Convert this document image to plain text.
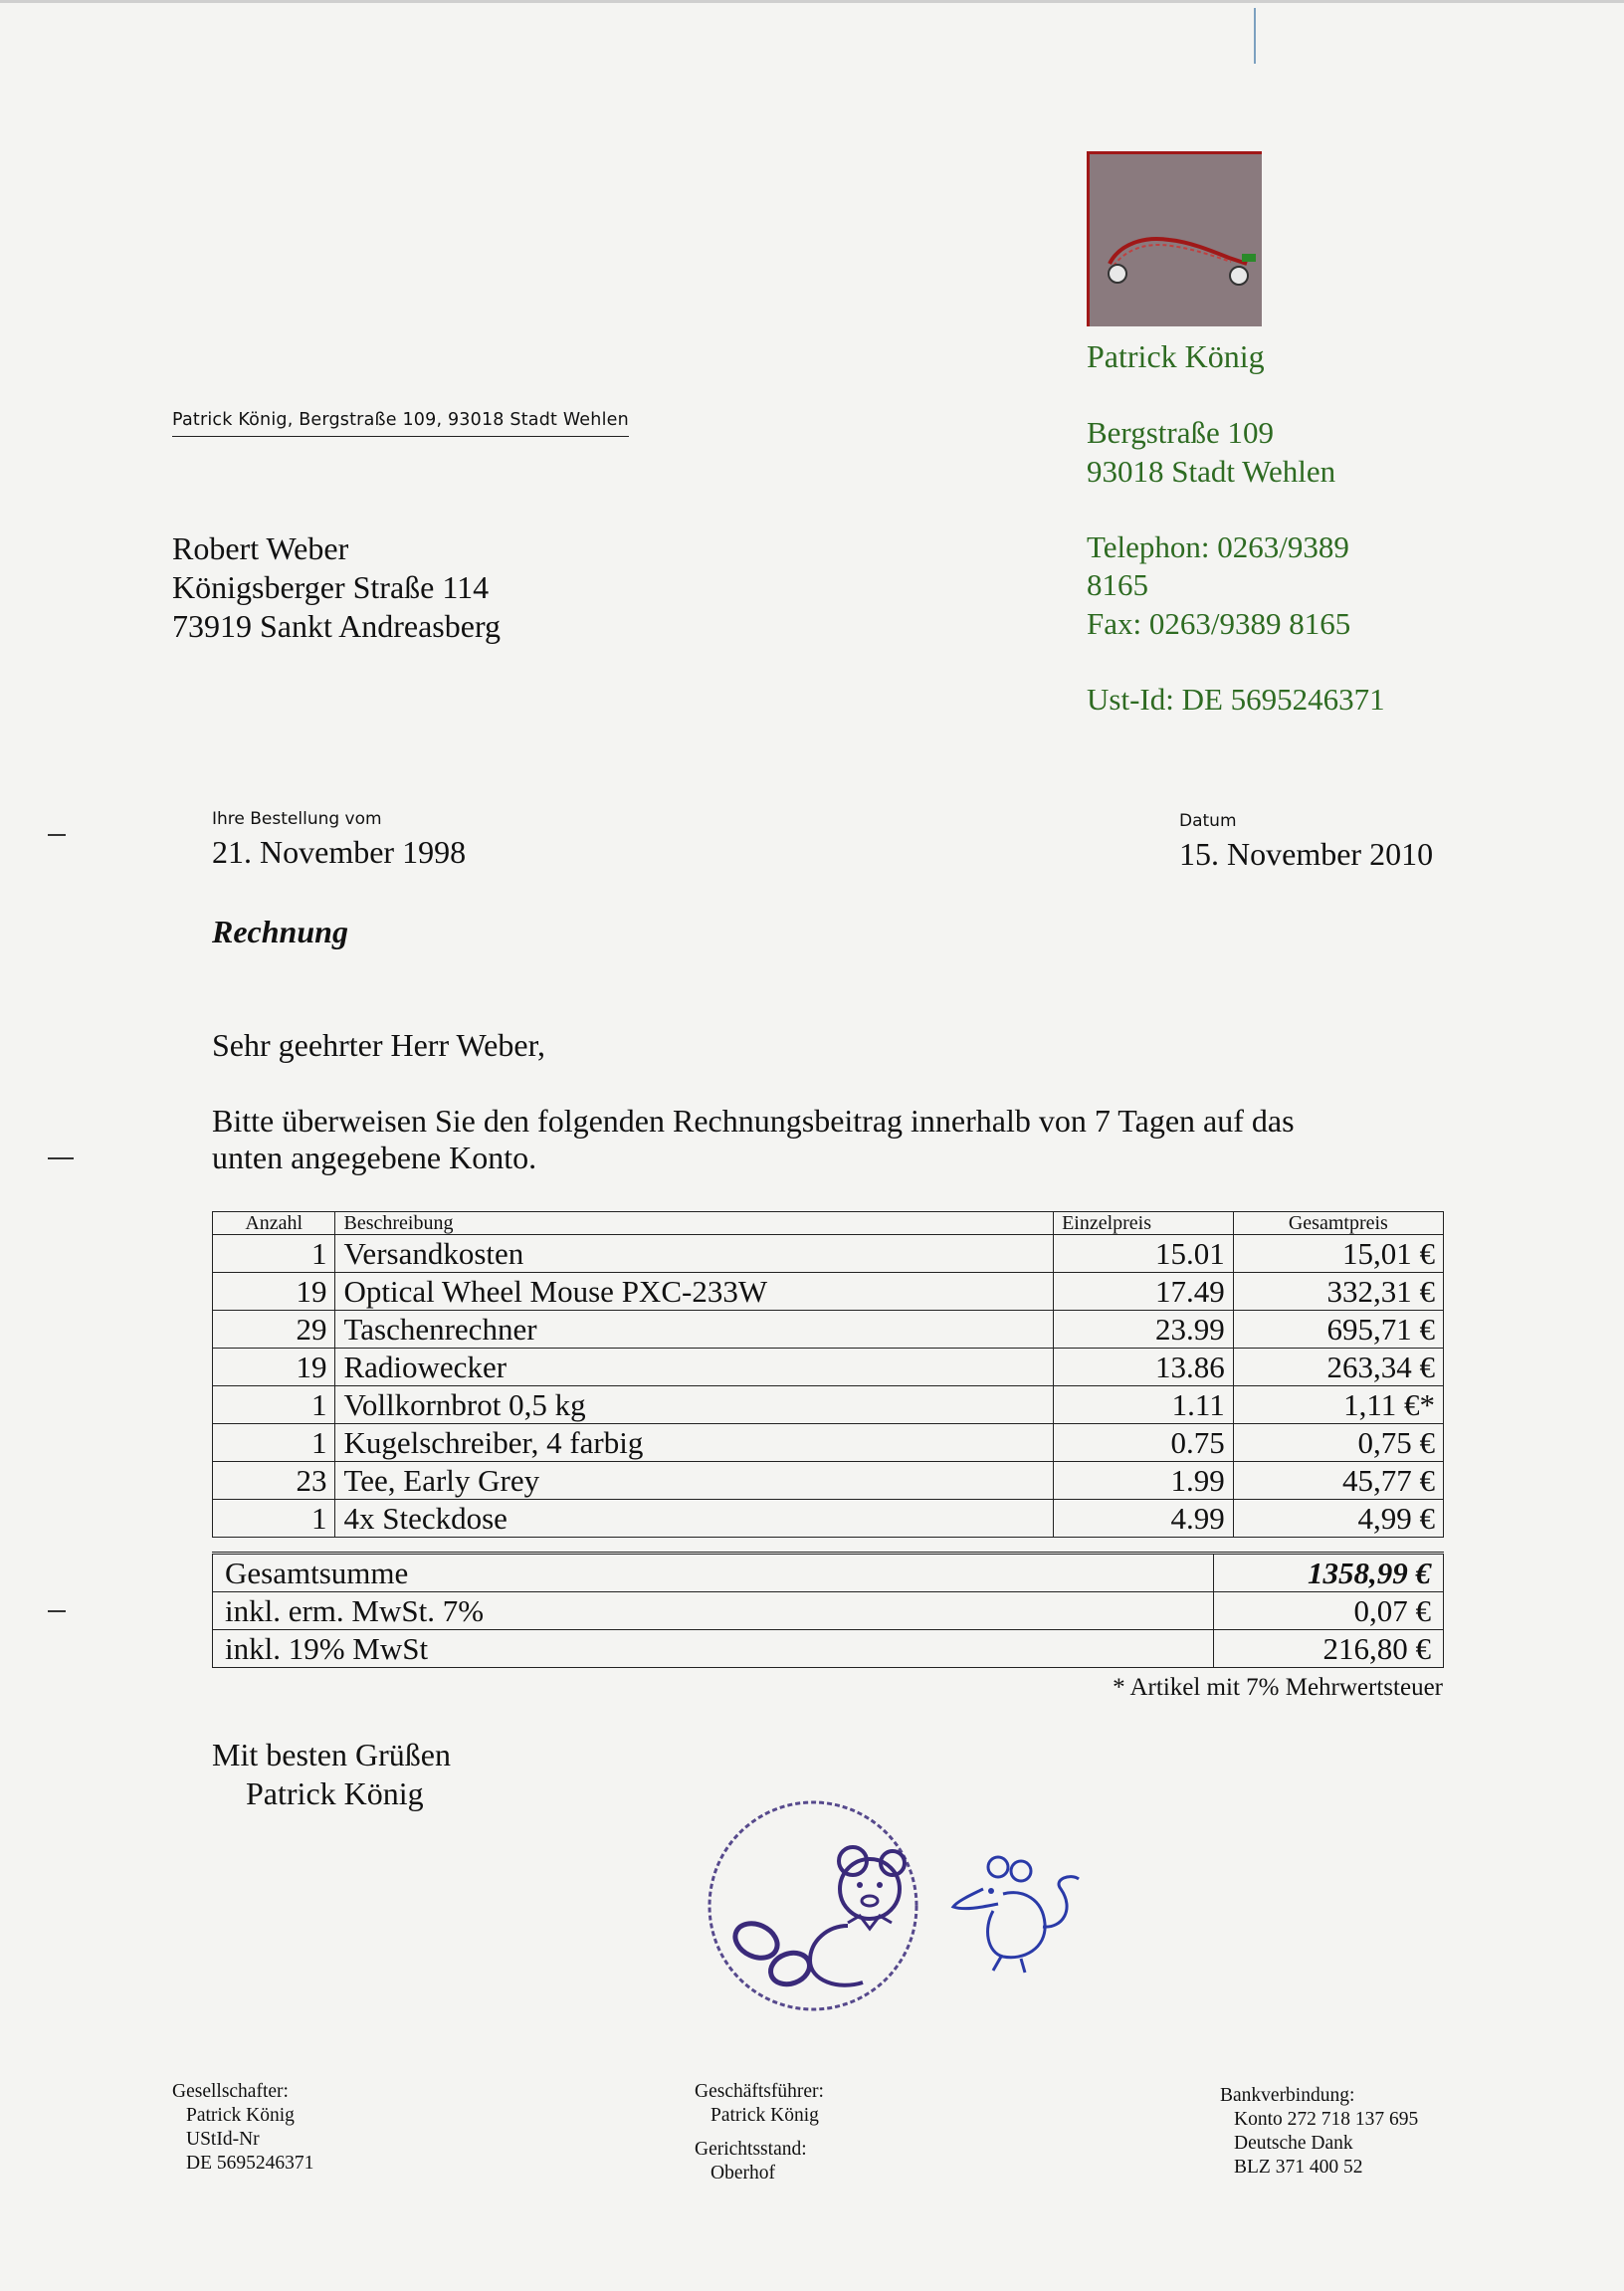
Patrick König
Bergstraße 109
93018 Stadt Wehlen
Telephon: 0263/9389
8165
Fax: 0263/9389 8165
Ust-Id: DE 5695246371
Patrick König, Bergstraße 109, 93018 Stadt Wehlen
Robert Weber
Königsberger Straße 114
73919 Sankt Andreasberg
Ihre Bestellung vom
21. November 1998
Datum
15. November 2010
Rechnung
Sehr geehrter Herr Weber,
Bitte überweisen Sie den folgenden Rechnungsbeitrag innerhalb von 7 Tagen auf das
unten angegebene Konto.
Anzahl	Beschreibung	Einzelpreis	Gesamtpreis
1	Versandkosten	15.01	15,01 €
19	Optical Wheel Mouse PXC-233W	17.49	332,31 €
29	Taschenrechner	23.99	695,71 €
19	Radiowecker	13.86	263,34 €
1	Vollkornbrot 0,5 kg	1.11	1,11 €*
1	Kugelschreiber, 4 farbig	0.75	0,75 €
23	Tee, Early Grey	1.99	45,77 €
1	4x Steckdose	4.99	4,99 €
Gesamtsumme	1358,99 €
inkl. erm. MwSt. 7%	0,07 €
inkl. 19% MwSt	216,80 €
* Artikel mit 7% Mehrwertsteuer
Mit besten Grüßen
Patrick König
Gesellschafter:
Patrick König
UStId-Nr
DE 5695246371
Geschäftsführer:
Patrick König
Gerichtsstand:
Oberhof
Bankverbindung:
Konto 272 718 137 695
Deutsche Dank
BLZ 371 400 52
